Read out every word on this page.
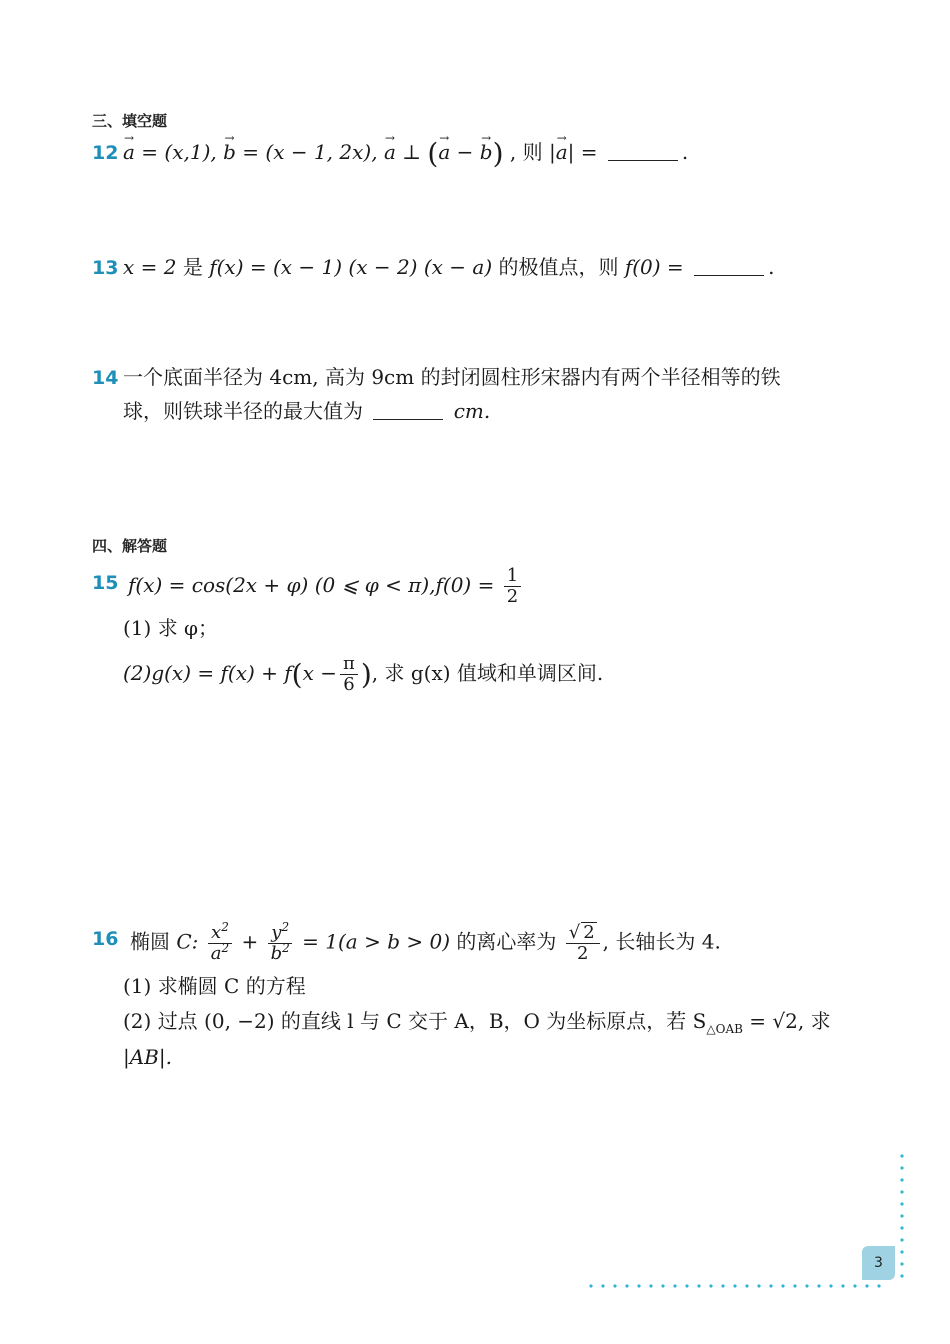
三、填空题
12 → a = (x,1), → b = (x − 1, 2x), → a ⊥ (→ a − → b) , 则 |→ a| =	.
13 x = 2 是 f(x) = (x − 1) (x − 2) (x − a) 的极值点，则 f(0) =	.
14 一个底面半径为 4cm, 高为 9cm 的封闭圆柱形宋器内有两个半径相等的铁
球，则铁球半径的最大值为	cm.
四、解答题
15 f(x) = cos(2x + φ) (0 ⩽ $\varphi < \pi),f(0) = \frac{1}{2}$
(1) 求 φ；
$(2)g(x) = f(x) + f(x - \frac{\pi}{6}$ ), 求 g(x) 值域和单调区间.
16 椭圆 C: $\frac{x^2}{a^2} + \frac{y^2}{b^2} = 1(a > b > 0)$ 的离心率为 $\frac{√ 2}{2}$ , 长轴长为 4.
(1) 求椭圆 C 的方程
(2) 过点 (0, −2) 的直线 l 与 C 交于 A，B，O 为坐标原点，若 $S_{\triangle OAB} = √2$, 求
|AB|.
3
